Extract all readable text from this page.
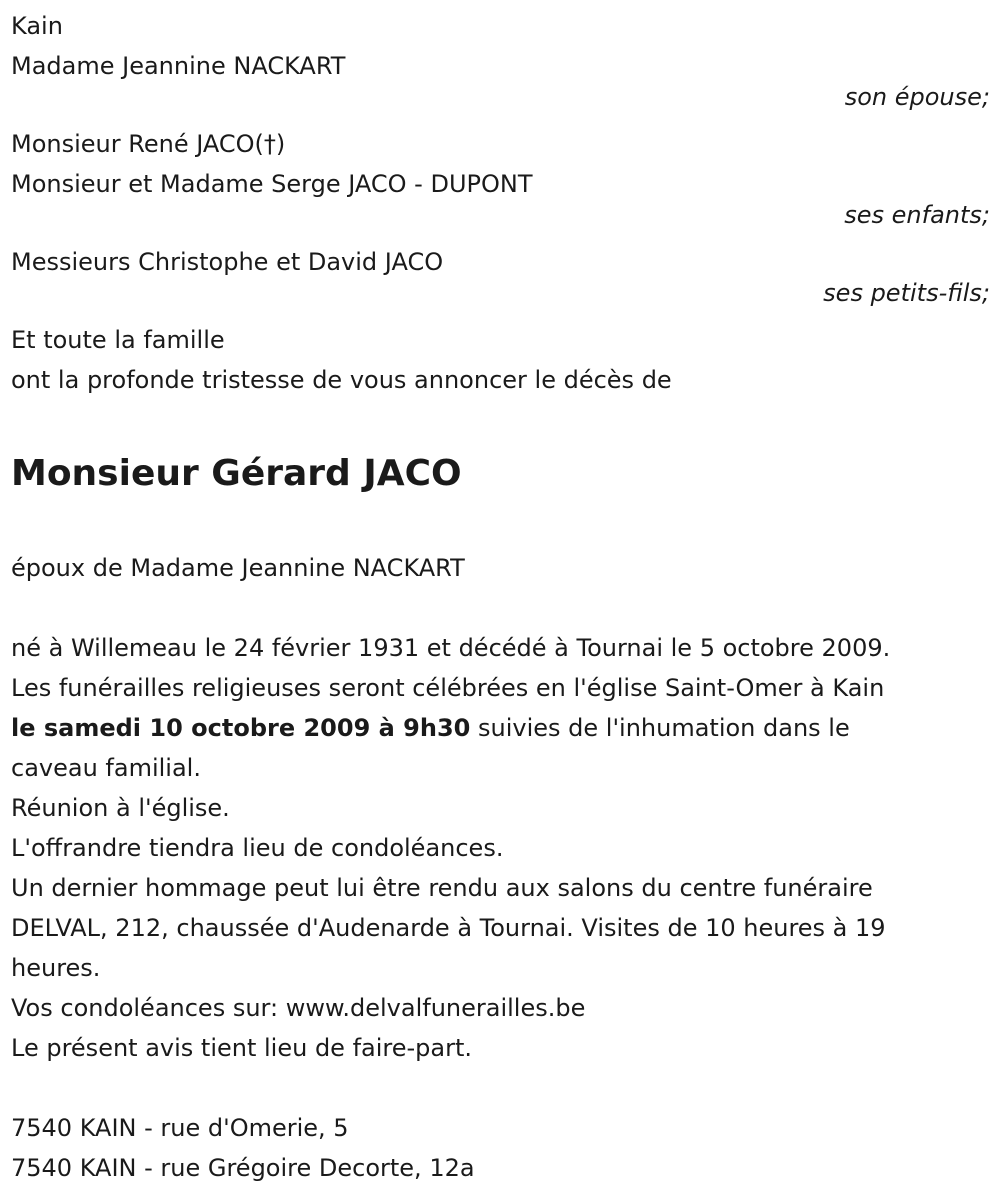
Kain
Madame Jeannine NACKART
son épouse;
Monsieur René JACO(†)
Monsieur et Madame Serge JACO - DUPONT
ses enfants;
Messieurs Christophe et David JACO
ses petits-fils;
Et toute la famille
ont la profonde tristesse de vous annoncer le décès de
Monsieur Gérard JACO
époux de Madame Jeannine NACKART
né à Willemeau le 24 février 1931 et décédé à Tournai le 5 octobre 2009.
Les funérailles religieuses seront célébrées en l'église Saint-Omer à Kain
le samedi 10 octobre 2009 à 9h30 suivies de l'inhumation dans le
caveau familial.
Réunion à l'église.
L'offrandre tiendra lieu de condoléances.
Un dernier hommage peut lui être rendu aux salons du centre funéraire
DELVAL, 212, chaussée d'Audenarde à Tournai. Visites de 10 heures à 19
heures.
Vos condoléances sur: www.delvalfunerailles.be
Le présent avis tient lieu de faire-part.
7540 KAIN - rue d'Omerie, 5
7540 KAIN - rue Grégoire Decorte, 12a
